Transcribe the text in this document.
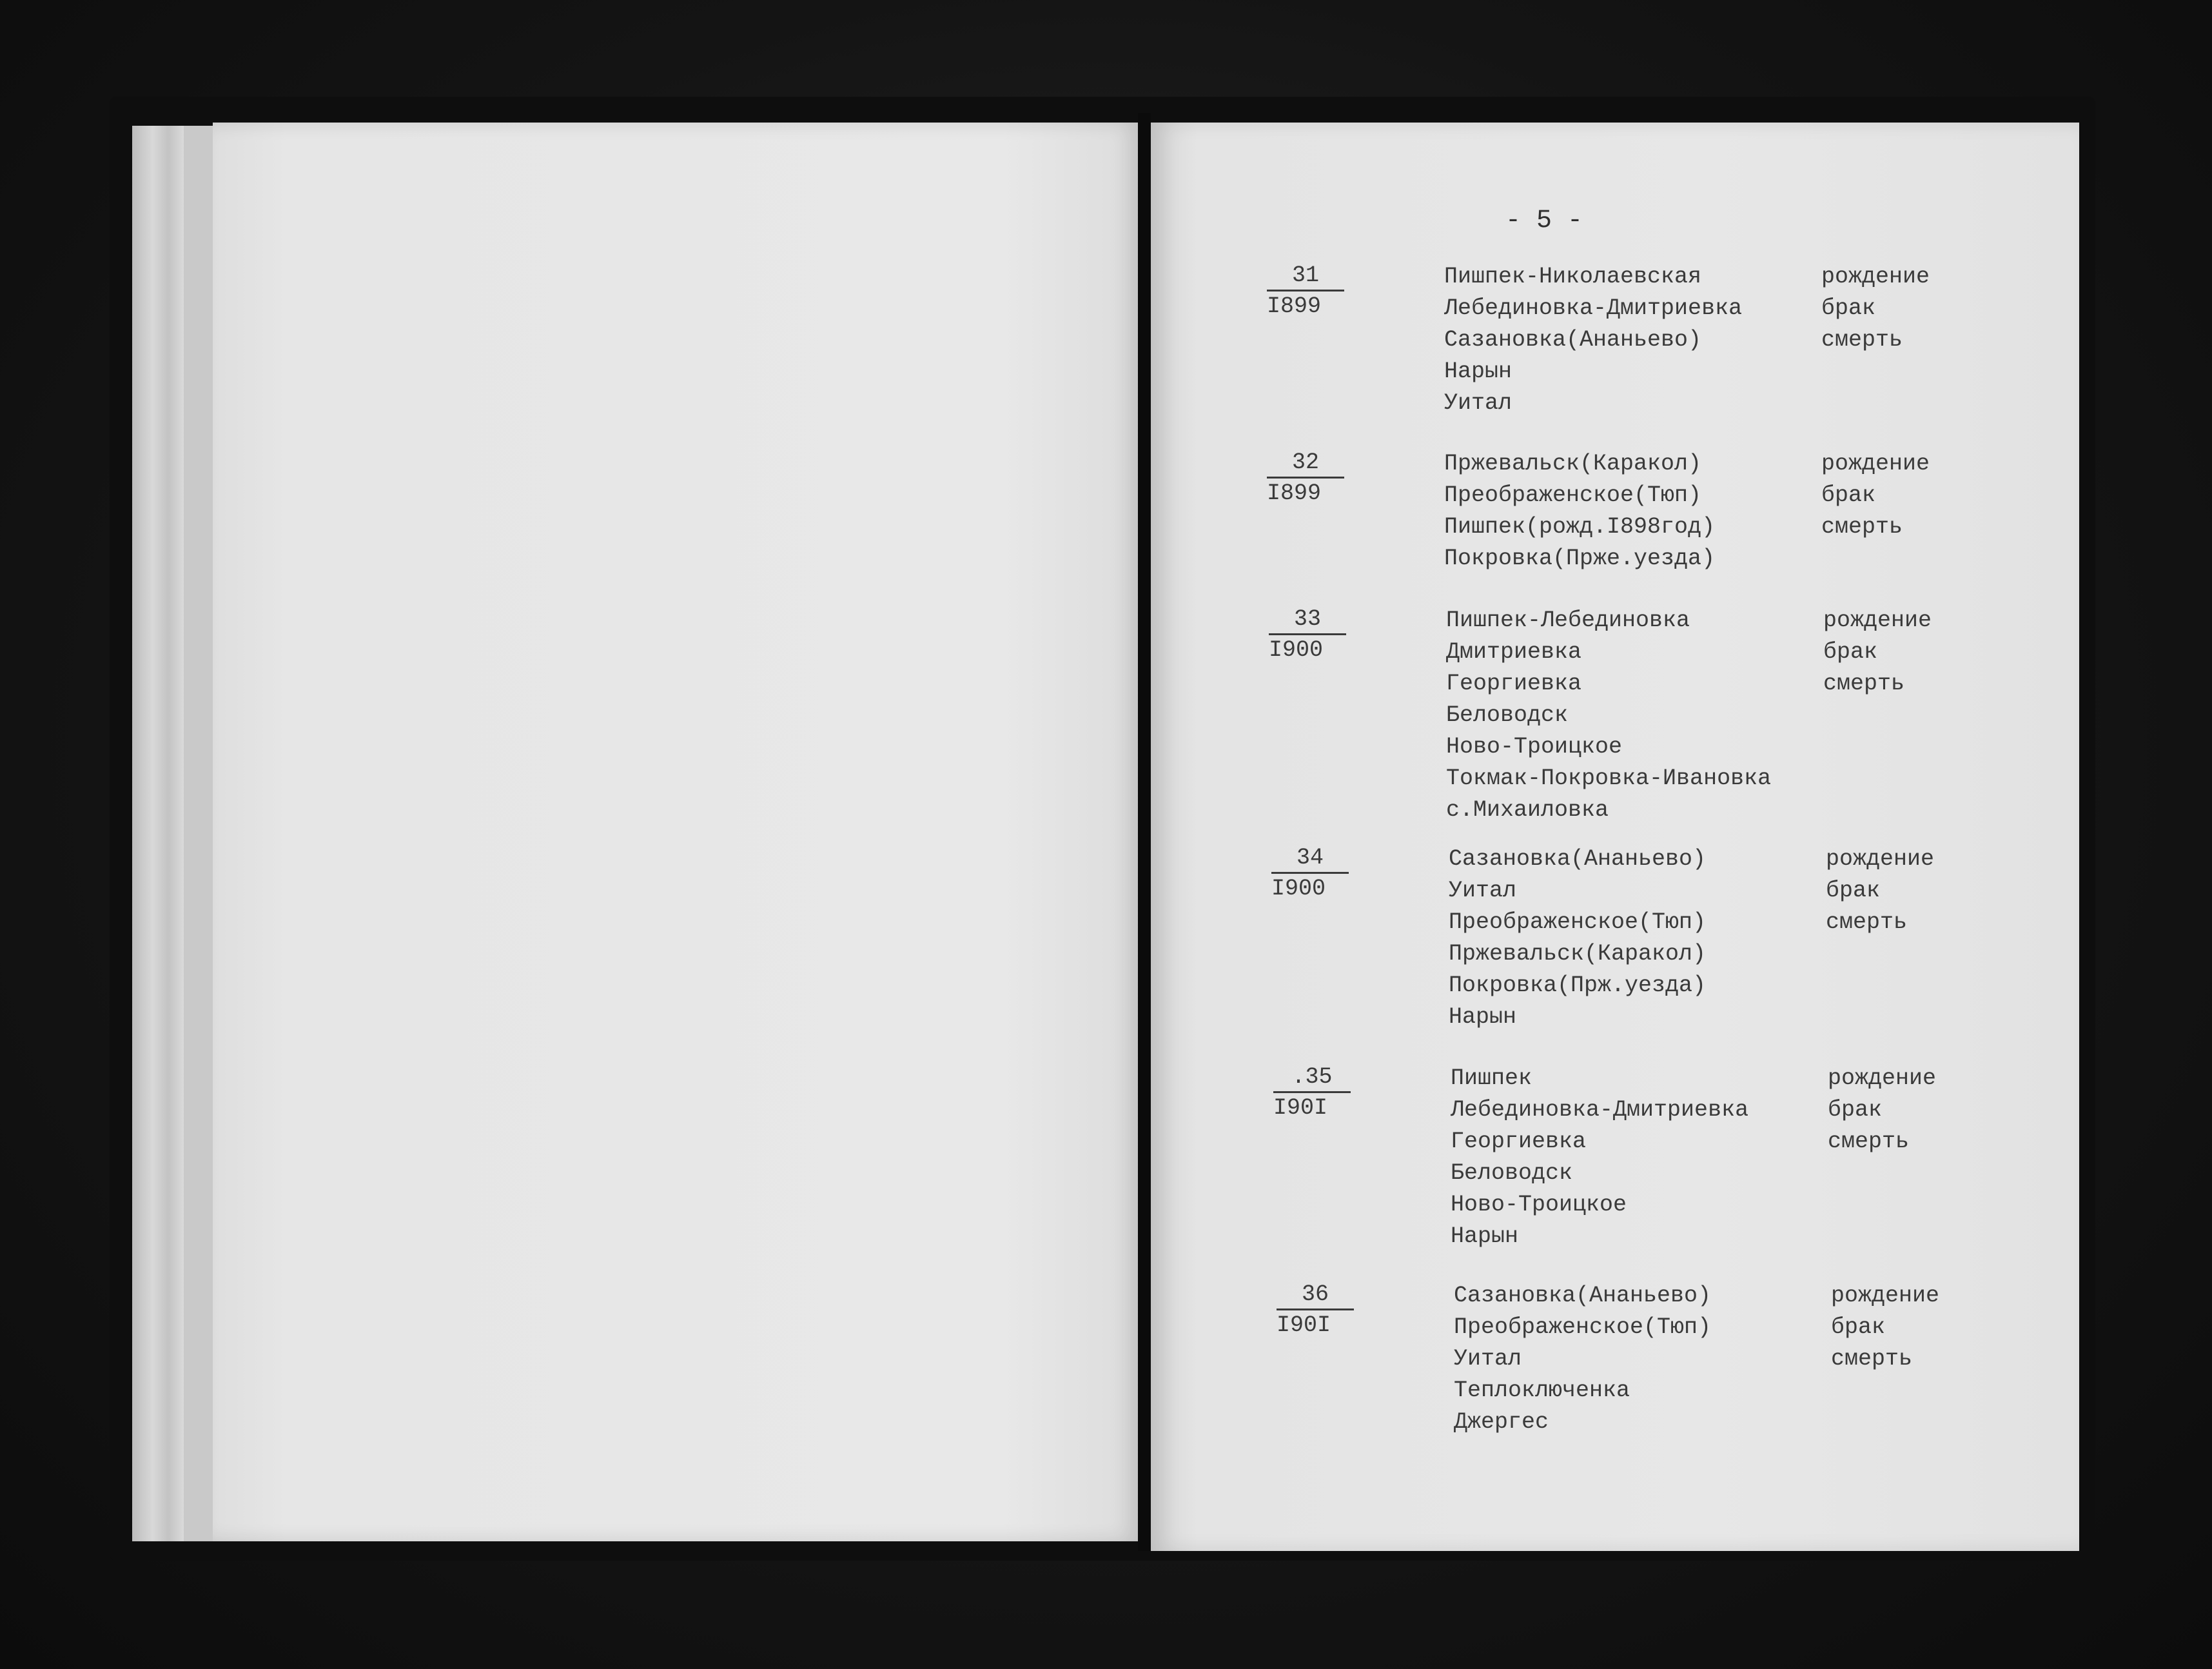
- 5 -
31
I899
Пишпек-Николаевская
Лебединовка-Дмитриевка
Сазановка(Ананьево)
Нарын
Уитал
рождение
брак
смерть
32
I899
Пржевальск(Каракол)
Преображенское(Тюп)
Пишпек(рожд.I898год)
Покровка(Прже.уезда)
рождение
брак
смерть
33
I900
Пишпек-Лебединовка
Дмитриевка
Георгиевка
Беловодск
Ново-Троицкое
Токмак-Покровка-Ивановка
с.Михаиловка
рождение
брак
смерть
34
I900
Сазановка(Ананьево)
Уитал
Преображенское(Тюп)
Пржевальск(Каракол)
Покровка(Прж.уезда)
Нарын
рождение
брак
смерть
.35
I90I
Пишпек
Лебединовка-Дмитриевка
Георгиевка
Беловодск
Ново-Троицкое
Нарын
рождение
брак
смерть
36
I90I
Сазановка(Ананьево)
Преображенское(Тюп)
Уитал
Теплоключенка
Джергес
рождение
брак
смерть
